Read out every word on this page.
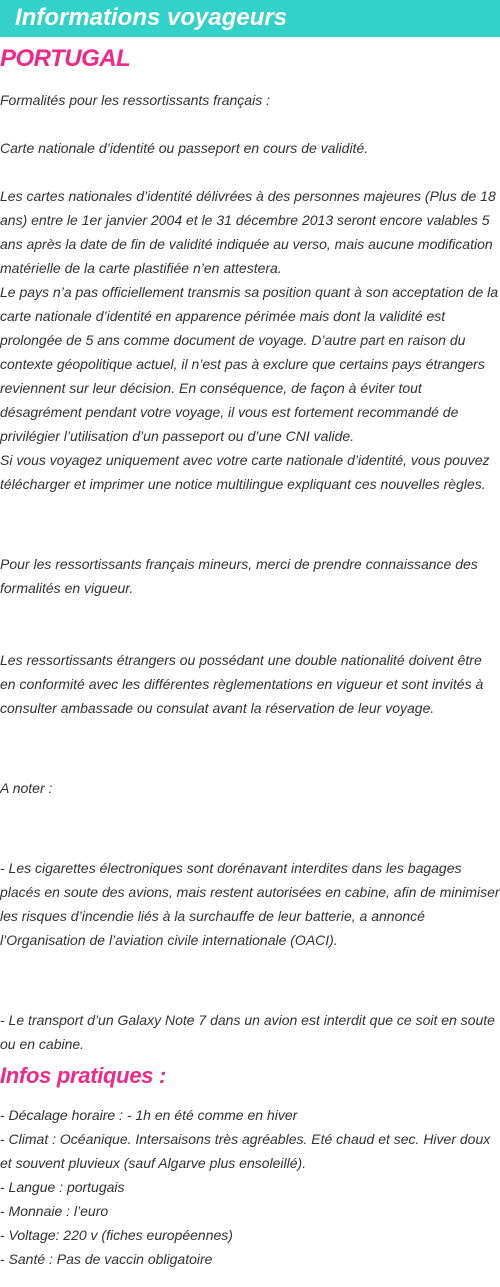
Informations voyageurs
PORTUGAL

Formalités pour les ressortissants français :

Carte nationale d’identité ou passeport en cours de validité.

Les cartes nationales d’identité délivrées à des personnes majeures (Plus de 18 ans) entre le 1er janvier 2004 et le 31 décembre 2013 seront encore valables 5 ans après la date de fin de validité indiquée au verso, mais aucune modification matérielle de la carte plastifiée n’en attestera.

Le pays n’a pas officiellement transmis sa position quant à son acceptation de la carte nationale d’identité en apparence périmée mais dont la validité est prolongée de 5 ans comme document de voyage. D’autre part en raison du contexte géopolitique actuel, il n’est pas à exclure que certains pays étrangers reviennent sur leur décision. En conséquence, de façon à éviter tout désagrément pendant votre voyage, il vous est fortement recommandé de privilégier l’utilisation d’un passeport ou d’une CNI valide.

Si vous voyagez uniquement avec votre carte nationale d’identité, vous pouvez télécharger et imprimer une notice multilingue expliquant ces nouvelles règles.

Pour les ressortissants français mineurs, merci de prendre connaissance des formalités en vigueur.

Les ressortissants étrangers ou possédant une double nationalité doivent être en conformité avec les différentes règlementations en vigueur et sont invités à consulter ambassade ou consulat avant la réservation de leur voyage.

A noter :

- Les cigarettes électroniques sont dorénavant interdites dans les bagages placés en soute des avions, mais restent autorisées en cabine, afin de minimiser les risques d’incendie liés à la surchauffe de leur batterie, a annoncé l’Organisation de l’aviation civile internationale (OACI).

- Le transport d’un Galaxy Note 7 dans un avion est interdit que ce soit en soute ou en cabine.

Infos pratiques :

- Décalage horaire : - 1h en été comme en hiver

- Climat : Océanique. Intersaisons très agréables. Eté chaud et sec. Hiver doux et souvent pluvieux (sauf Algarve plus ensoleillé).

- Langue : portugais

- Monnaie : l’euro

- Voltage: 220 v (fiches européennes)

- Santé : Pas de vaccin obligatoire
